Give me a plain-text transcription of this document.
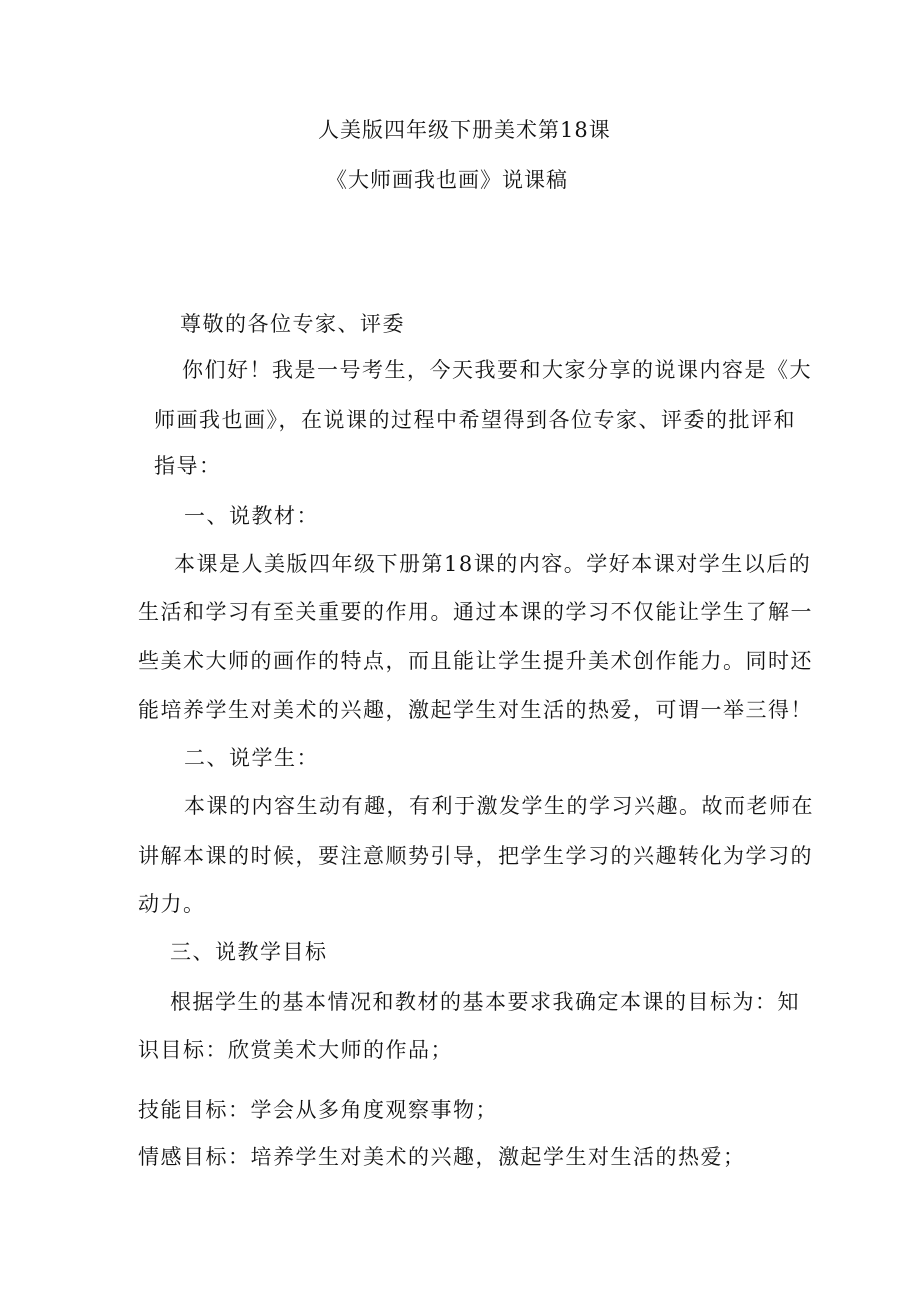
人美版四年级下册美术第18课
《大师画我也画》说课稿
尊敬的各位专家、评委
你们好！我是一号考生，今天我要和大家分享的说课内容是《大
师画我也画》，在说课的过程中希望得到各位专家、评委的批评和
指导：
一、说教材：
本课是人美版四年级下册第18课的内容。学好本课对学生以后的
生活和学习有至关重要的作用。通过本课的学习不仅能让学生了解一
些美术大师的画作的特点，而且能让学生提升美术创作能力。同时还
能培养学生对美术的兴趣，激起学生对生活的热爱，可谓一举三得！
二、说学生：
本课的内容生动有趣，有利于激发学生的学习兴趣。故而老师在
讲解本课的时候，要注意顺势引导，把学生学习的兴趣转化为学习的
动力。
三、说教学目标
根据学生的基本情况和教材的基本要求我确定本课的目标为：知
识目标：欣赏美术大师的作品；
技能目标：学会从多角度观察事物；
情感目标：培养学生对美术的兴趣，激起学生对生活的热爱；
